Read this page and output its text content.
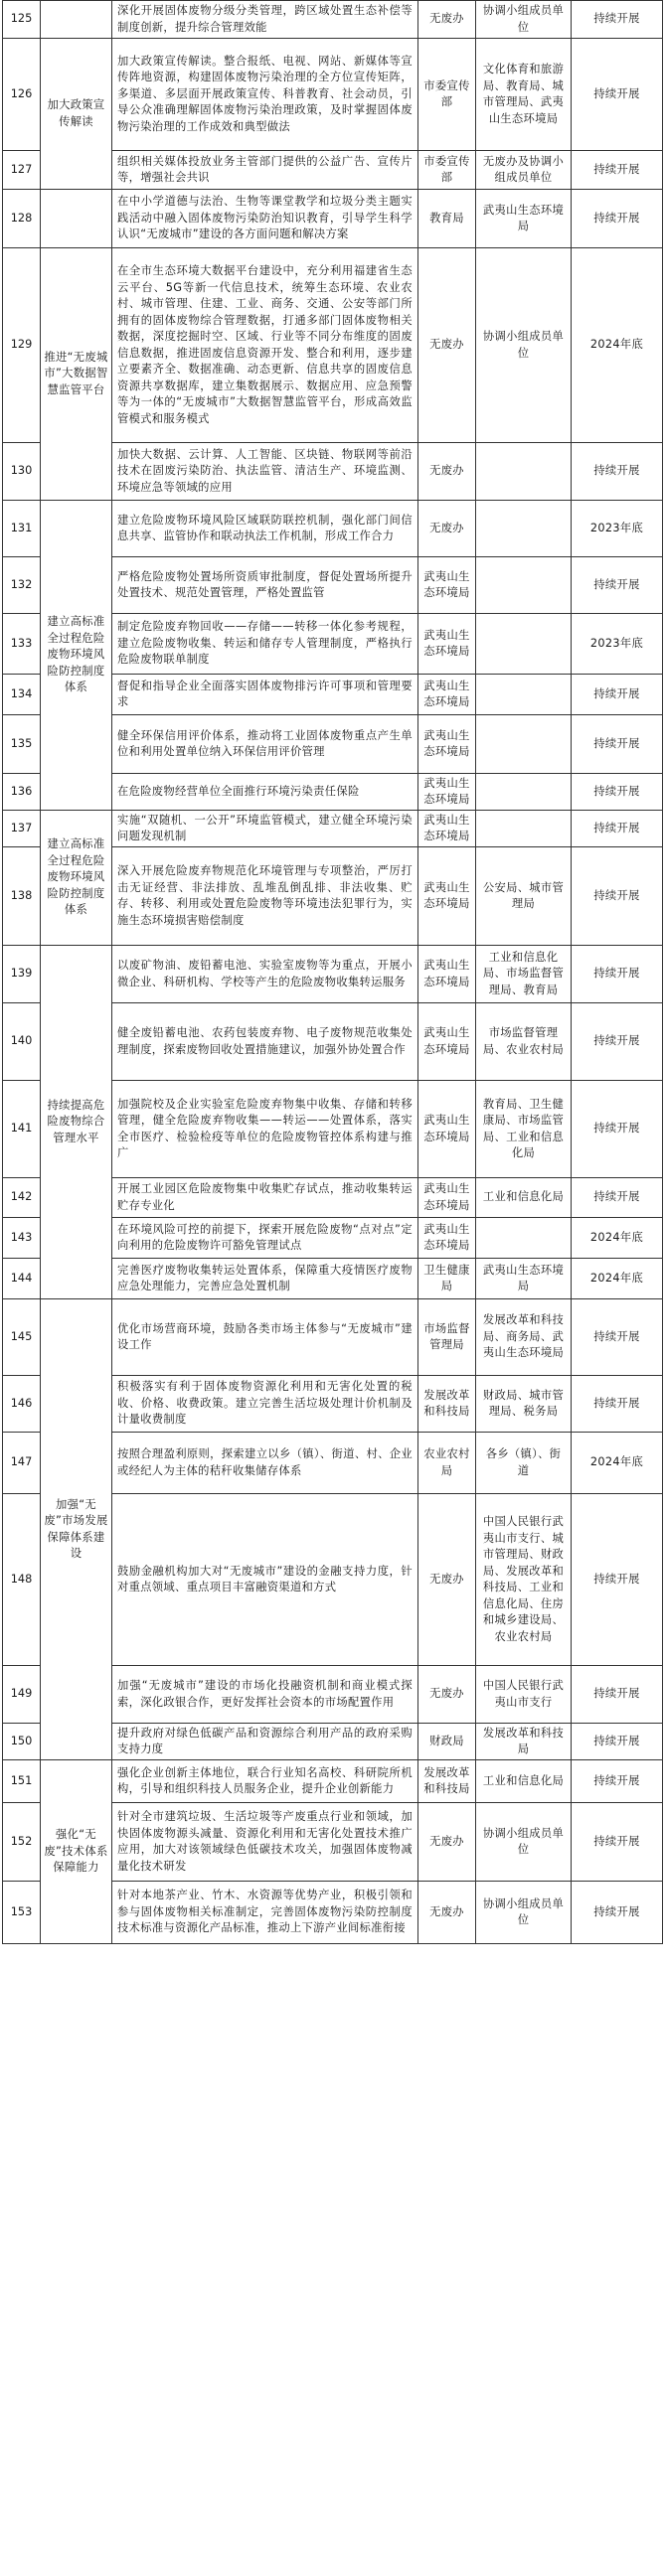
125		深化开展固体废物分级分类管理，跨区域处置生态补偿等制度创新，提升综合管理效能	无废办	协调小组成员单位	持续开展
126	加大政策宣传解读	加大政策宣传解读。整合报纸、电视、网站、新媒体等宣传阵地资源，构建固体废物污染治理的全方位宣传矩阵，多渠道、多层面开展政策宣传、科普教育、社会动员，引导公众准确理解固体废物污染治理政策，及时掌握固体废物污染治理的工作成效和典型做法	市委宣传部	文化体育和旅游局、教育局、城市管理局、武夷山生态环境局	持续开展
127		组织相关媒体投放业务主管部门提供的公益广告、宣传片等，增强社会共识	市委宣传部	无废办及协调小组成员单位	持续开展
128		在中小学道德与法治、生物等课堂教学和垃圾分类主题实践活动中融入固体废物污染防治知识教育，引导学生科学认识“无废城市”建设的各方面问题和解决方案	教育局	武夷山生态环境局	持续开展
129	推进“无废城市”大数据智慧监管平台	在全市生态环境大数据平台建设中，充分利用福建省生态云平台、5G等新一代信息技术，统筹生态环境、农业农村、城市管理、住建、工业、商务、交通、公安等部门所拥有的固体废物综合管理数据，打通多部门固体废物相关数据，深度挖掘时空、区域、行业等不同分布维度的固废信息数据，推进固废信息资源开发、整合和利用，逐步建立要素齐全、数据准确、动态更新、信息共享的固废信息资源共享数据库，建立集数据展示、数据应用、应急预警等为一体的“无废城市”大数据智慧监管平台，形成高效监管模式和服务模式	无废办	协调小组成员单位	2024年底
130		加快大数据、云计算、人工智能、区块链、物联网等前沿技术在固废污染防治、执法监管、清洁生产、环境监测、环境应急等领域的应用	无废办		持续开展
131	建立高标准全过程危险废物环境风险防控制度体系	建立危险废物环境风险区域联防联控机制，强化部门间信息共享、监管协作和联动执法工作机制，形成工作合力	无废办		2023年底
132		严格危险废物处置场所资质审批制度，督促处置场所提升处置技术、规范处置管理，严格处置监管	武夷山生态环境局		持续开展
133		制定危险废弃物回收——存储——转移一体化参考规程，建立危险废物收集、转运和储存专人管理制度，严格执行危险废物联单制度	武夷山生态环境局		2023年底
134		督促和指导企业全面落实固体废物排污许可事项和管理要求	武夷山生态环境局		持续开展
135		健全环保信用评价体系，推动将工业固体废物重点产生单位和利用处置单位纳入环保信用评价管理	武夷山生态环境局		持续开展
136		在危险废物经营单位全面推行环境污染责任保险	武夷山生态环境局		持续开展
137	建立高标准全过程危险废物环境风险防控制度体系	实施“双随机、一公开”环境监管模式，建立健全环境污染问题发现机制	武夷山生态环境局		持续开展
138		深入开展危险废弃物规范化环境管理与专项整治，严厉打击无证经营、非法排放、乱堆乱倒乱排、非法收集、贮存、转移、利用或处置危险废物等环境违法犯罪行为，实施生态环境损害赔偿制度	武夷山生态环境局	公安局、城市管理局	持续开展
139	持续提高危险废物综合管理水平	以废矿物油、废铅蓄电池、实验室废物等为重点，开展小微企业、科研机构、学校等产生的危险废物收集转运服务	武夷山生态环境局	工业和信息化局、市场监督管理局、教育局	持续开展
140		健全废铅蓄电池、农药包装废弃物、电子废物规范收集处理制度，探索废物回收处置措施建议，加强外协处置合作	武夷山生态环境局	市场监督管理局、农业农村局	持续开展
141		加强院校及企业实验室危险废弃物集中收集、存储和转移管理，健全危险废弃物收集——转运——处置体系，落实全市医疗、检验检疫等单位的危险废物管控体系构建与推广	武夷山生态环境局	教育局、卫生健康局、市场监管局、工业和信息化局	持续开展
142		开展工业园区危险废物集中收集贮存试点，推动收集转运贮存专业化	武夷山生态环境局	工业和信息化局	持续开展
143		在环境风险可控的前提下，探索开展危险废物“点对点”定向利用的危险废物许可豁免管理试点	武夷山生态环境局		2024年底
144		完善医疗废物收集转运处置体系，保障重大疫情医疗废物应急处理能力，完善应急处置机制	卫生健康局	武夷山生态环境局	2024年底
145	加强“无废”市场发展保障体系建设	优化市场营商环境，鼓励各类市场主体参与“无废城市”建设工作	市场监督管理局	发展改革和科技局、商务局、武夷山生态环境局	持续开展
146		积极落实有利于固体废物资源化利用和无害化处置的税收、价格、收费政策。建立完善生活垃圾处理计价机制及计量收费制度	发展改革和科技局	财政局、城市管理局、税务局	持续开展
147		按照合理盈利原则，探索建立以乡（镇）、街道、村、企业或经纪人为主体的秸秆收集储存体系	农业农村局	各乡（镇）、街道	2024年底
148		鼓励金融机构加大对“无废城市”建设的金融支持力度，针对重点领域、重点项目丰富融资渠道和方式	无废办	中国人民银行武夷山市支行、城市管理局、财政局、发展改革和科技局、工业和信息化局、住房和城乡建设局、农业农村局	持续开展
149		加强“无废城市”建设的市场化投融资机制和商业模式探索，深化政银合作，更好发挥社会资本的市场配置作用	无废办	中国人民银行武夷山市支行	持续开展
150		提升政府对绿色低碳产品和资源综合利用产品的政府采购支持力度	财政局	发展改革和科技局	持续开展
151	强化“无废”技术体系保障能力	强化企业创新主体地位，联合行业知名高校、科研院所机构，引导和组织科技人员服务企业，提升企业创新能力	发展改革和科技局	工业和信息化局	持续开展
152		针对全市建筑垃圾、生活垃圾等产废重点行业和领域，加快固体废物源头减量、资源化利用和无害化处置技术推广应用，加大对该领域绿色低碳技术攻关，加强固体废物减量化技术研发	无废办	协调小组成员单位	持续开展
153		针对本地茶产业、竹木、水资源等优势产业，积极引领和参与固体废物相关标准制定，完善固体废物污染防控制度技术标准与资源化产品标准，推动上下游产业间标准衔接	无废办	协调小组成员单位	持续开展
